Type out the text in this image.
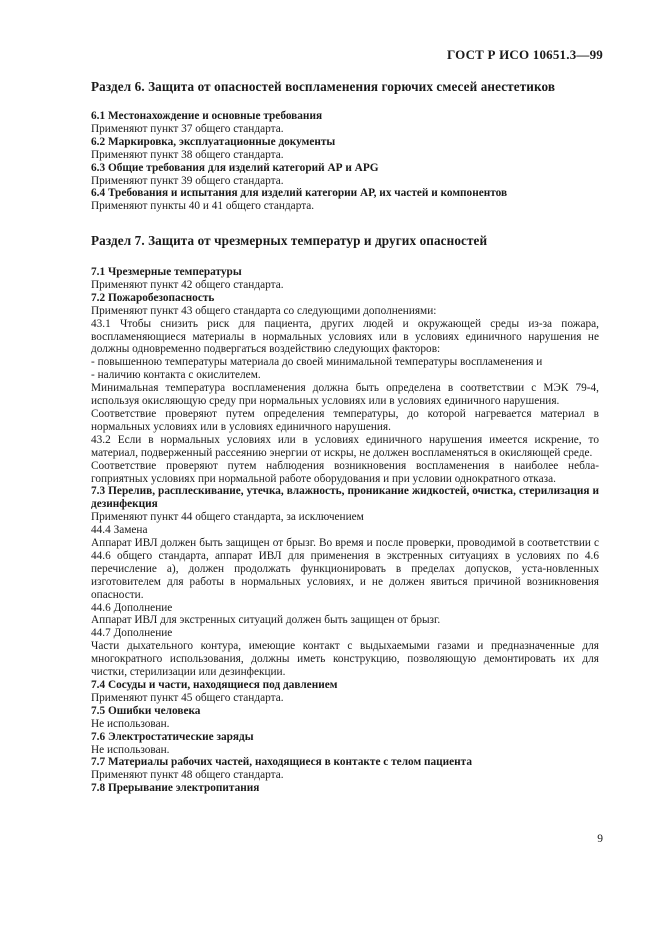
ГОСТ Р ИСО 10651.3—99
Раздел 6. Защита от опасностей воспламенения горючих смесей анестетиков
6.1 Местонахождение и основные требования
Применяют пункт 37 общего стандарта.
6.2 Маркировка, эксплуатационные документы
Применяют пункт 38 общего стандарта.
6.3 Общие требования для изделий категорий АР и APG
Применяют пункт 39 общего стандарта.
6.4 Требования и испытания для изделий категории АР, их частей и компонентов
Применяют пункты 40 и 41 общего стандарта.
Раздел 7. Защита от чрезмерных температур и других опасностей
7.1 Чрезмерные температуры
Применяют пункт 42 общего стандарта.
7.2 Пожаробезопасность
Применяют пункт 43 общего стандарта со следующими дополнениями:

43.1 Чтобы снизить риск для пациента, других людей и окружающей среды из-за пожара, воспламеняющиеся материалы в нормальных условиях или в условиях единичного нарушения не должны одновременно подвергаться воздействию следующих факторов:

- повышенною температуры материала до своей минимальной температуры воспламенения и
- наличию контакта с окислителем.

Минимальная температура воспламенения должна быть определена в соответствии с МЭК 79-4, используя окисляющую среду при нормальных условиях или в условиях единичного нарушения.

Соответствие проверяют путем определения температуры, до которой нагревается материал в нормальных условиях или в условиях единичного нарушения.

43.2 Если в нормальных условиях или в условиях единичного нарушения имеется искрение, то материал, подверженный рассеянию энергии от искры, не должен воспламеняться в окисляющей среде.

Соответствие проверяют путем наблюдения возникновения воспламенения в наиболее небла-гоприятных условиях при нормальной работе оборудования и при условии однократного отказа.

7.3 Перелив, расплескивание, утечка, влажность, проникание жидкостей, очистка, стерилизация и дезинфекция

Применяют пункт 44 общего стандарта, за исключением
44.4 Замена

Аппарат ИВЛ должен быть защищен от брызг. Во время и после проверки, проводимой в соответствии с 44.6 общего стандарта, аппарат ИВЛ для применения в экстренных ситуациях в условиях по 4.6 перечисление а), должен продолжать функционировать в пределах допусков, уста-новленных изготовителем для работы в нормальных условиях, и не должен явиться причиной возникновения опасности.

44.6 Дополнение
Аппарат ИВЛ для экстренных ситуаций должен быть защищен от брызг.
44.7 Дополнение

Части дыхательного контура, имеющие контакт с выдыхаемыми газами и предназначенные для многократного использования, должны иметь конструкцию, позволяющую демонтировать их для чистки, стерилизации или дезинфекции.

7.4 Сосуды и части, находящиеся под давлением
Применяют пункт 45 общего стандарта.
7.5 Ошибки человека
Не использован.
7.6 Электростатические заряды
Не использован.
7.7 Материалы рабочих частей, находящиеся в контакте с телом пациента
Применяют пункт 48 общего стандарта.
7.8 Прерывание электропитания
9
